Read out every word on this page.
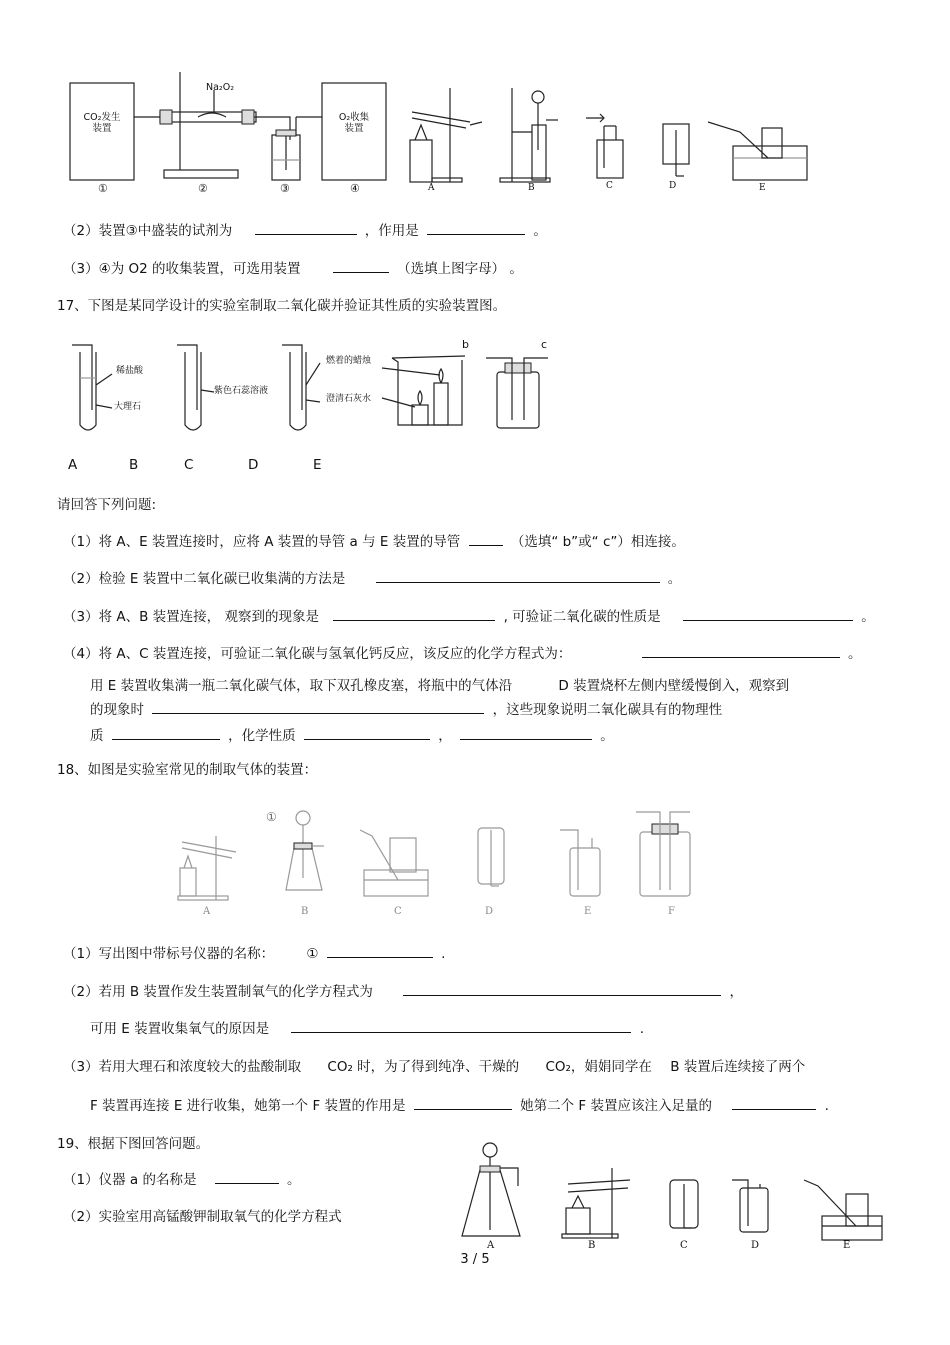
CO₂发生
装置
O₂收集
装置
Na₂O₂
①	②	③	④	A	B	C	D	E
（2）装置③中盛装的试剂为	，作用是	。
（3）④为 O2 的收集装置，可选用装置	（选填上图字母） 。
17、下图是某同学设计的实验室制取二氧化碳并验证其性质的实验装置图。
稀盐酸
大理石
紫色石蕊溶液
燃着的蜡烛
澄清石灰水
b	c
A	B	C	D	E
请回答下列问题:
（1）将 A、E 装置连接时，应将 A 装置的导管 a 与 E 装置的导管	（选填“ b”或“ c”）相连接。
（2）检验 E 装置中二氧化碳已收集满的方法是	。
（3）将 A、B 装置连接， 观察到的现象是	, 可验证二氧化碳的性质是	。
（4）将 A、C 装置连接，可验证二氧化碳与氢氧化钙反应，该反应的化学方程式为：	。
用 E 装置收集满一瓶二氧化碳气体，取下双孔橡皮塞，将瓶中的气体沿	D 装置烧杯左侧内壁缓慢倒入，观察到
的现象时	，这些现象说明二氧化碳具有的物理性
质	，化学性质	，	。
18、如图是实验室常见的制取气体的装置：
A	B	C	D	E	F
①
（1）写出图中带标号仪器的名称： ①	.
（2）若用 B 装置作发生装置制氧气的化学方程式为	，
可用 E 装置收集氧气的原因是	.
（3）若用大理石和浓度较大的盐酸制取 CO₂ 时，为了得到纯净、干燥的 CO₂，娟娟同学在 B 装置后连续接了两个
F 装置再连接 E 进行收集，她第一个 F 装置的作用是	她第二个 F 装置应该注入足量的	.
19、根据下图回答问题。
（1）仪器 a 的名称是	。
（2）实验室用高锰酸钾制取氧气的化学方程式
A	B	C	D	E
3 / 5
